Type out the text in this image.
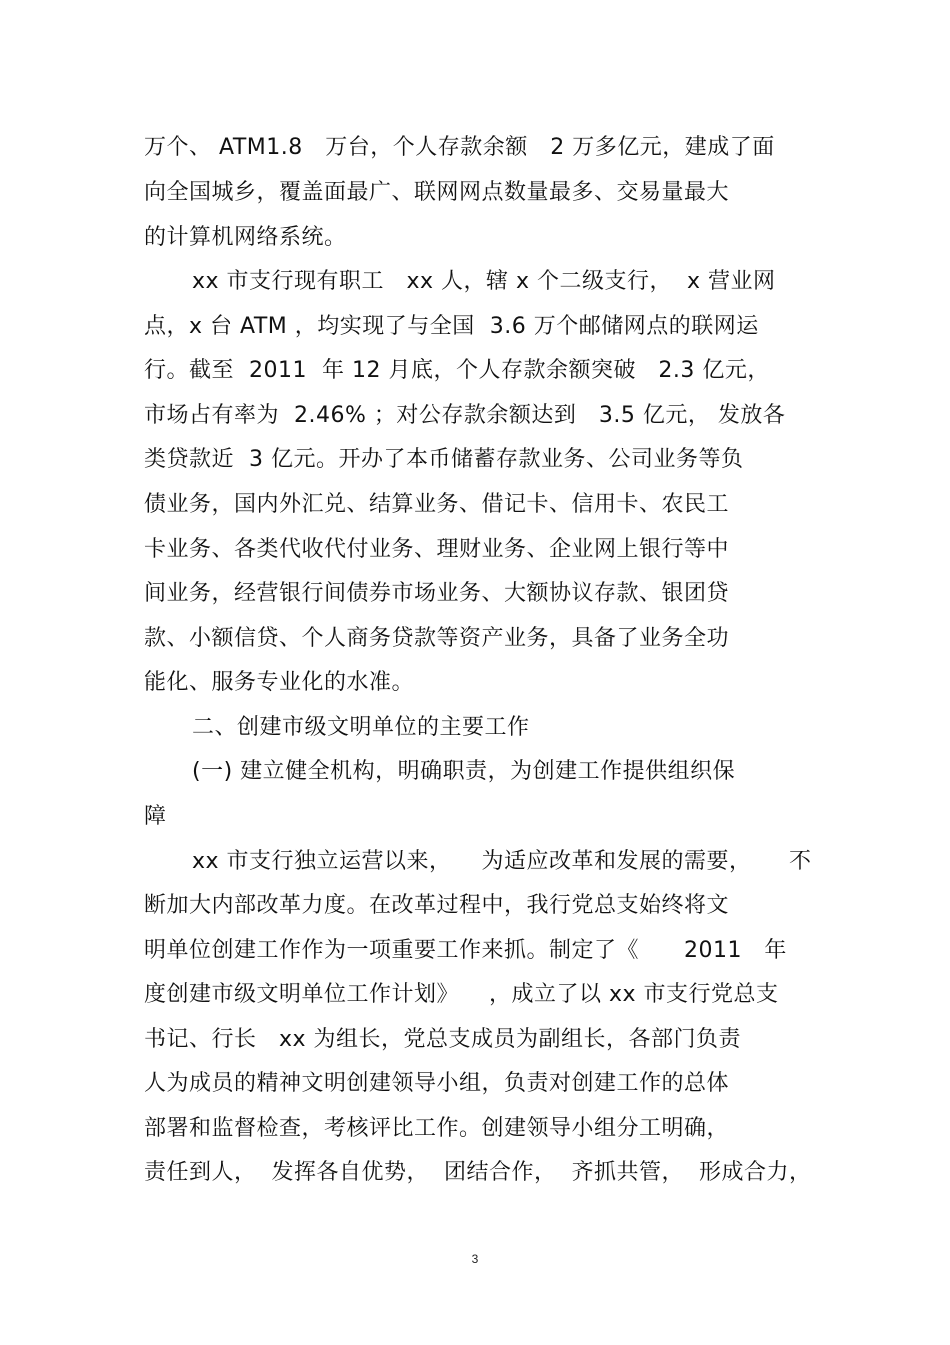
万个、 ATM1.8   万台，个人存款余额   2 万多亿元，建成了面
向全国城乡，覆盖面最广、联网网点数量最多、交易量最大
的计算机网络系统。
xx 市支行现有职工   xx 人，辖 x 个二级支行，  x 营业网
点，x 台 ATM ，均实现了与全国  3.6 万个邮储网点的联网运
行。截至  2011  年 12 月底，个人存款余额突破   2.3 亿元，
市场占有率为  2.46% ；对公存款余额达到   3.5 亿元， 发放各
类贷款近  3 亿元。开办了本币储蓄存款业务、公司业务等负
债业务，国内外汇兑、结算业务、借记卡、信用卡、农民工
卡业务、各类代收代付业务、理财业务、企业网上银行等中
间业务，经营银行间债券市场业务、大额协议存款、银团贷
款、小额信贷、个人商务贷款等资产业务，具备了业务全功
能化、服务专业化的水准。
二、创建市级文明单位的主要工作
(一) 建立健全机构，明确职责，为创建工作提供组织保
障
xx 市支行独立运营以来，    为适应改革和发展的需要，     不
断加大内部改革力度。在改革过程中，我行党总支始终将文
明单位创建工作作为一项重要工作来抓。制定了《      2011   年
度创建市级文明单位工作计划》    ，成立了以 xx 市支行党总支
书记、行长   xx 为组长，党总支成员为副组长，各部门负责
人为成员的精神文明创建领导小组，负责对创建工作的总体
部署和监督检查，考核评比工作。创建领导小组分工明确，
责任到人，  发挥各自优势，  团结合作，  齐抓共管，  形成合力，
3
